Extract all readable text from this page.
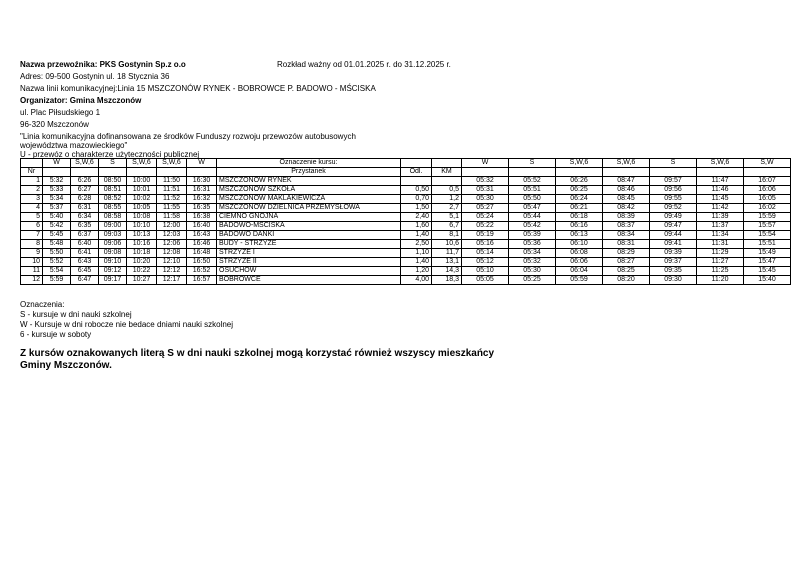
Nazwa przewoźnika: PKS Gostynin Sp.z o.o	Rozkład ważny od 01.01.2025 r. do 31.12.2025 r.
Adres: 09-500 Gostynin ul. 18 Stycznia 36
Nazwa linii komunikacyjnej:Linia 15 MSZCZONÓW RYNEK - BOBROWCE P. BADOWO - MŚCISKA
Organizator: Gmina Mszczonów
ul. Plac Piłsudskiego 1
96-320 Mszczonów
"Linia komunikacyjna dofinansowana ze środków Funduszy rozwoju przewozów autobusowych
województwa mazowieckiego"
U - przewóz o charakterze użyteczności publicznej
	W	S,W,6	S	S,W,6	S,W,6	W	Oznaczenie kursu:			W	S	S,W,6	S,W,6	S	S,W,6	S,W
Nr							Przystanek	Odl.	KM							
1	5:32	6:26	08:50	10:00	11:50	16:30	MSZCZONÓW RYNEK			05:32	05:52	06:26	08:47	09:57	11:47	16:07
2	5:33	6:27	08:51	10:01	11:51	16:31	MSZCZONÓW SZKOŁA	0,50	0,5	05:31	05:51	06:25	08:46	09:56	11:46	16:06
3	5:34	6:28	08:52	10:02	11:52	16:32	MSZCZONÓW MAKLAKIEWICZA	0,70	1,2	05:30	05:50	06:24	08:45	09:55	11:45	16:05
4	5:37	6:31	08:55	10:05	11:55	16:35	MSZCZONÓW DZIELNICA PRZEMYSŁOWA	1,50	2,7	05:27	05:47	06:21	08:42	09:52	11:42	16:02
5	5:40	6:34	08:58	10:08	11:58	16:38	CIEMNO GNOJNA	2,40	5,1	05:24	05:44	06:18	08:39	09:49	11:39	15:59
6	5:42	6:35	09:00	10:10	12:00	16:40	BADOWO-MŚCISKA	1,60	6,7	05:22	05:42	06:16	08:37	09:47	11:37	15:57
7	5:45	6:37	09:03	10:13	12:03	16:43	BADOWO DAŃKI	1,40	8,1	05:19	05:39	06:13	08:34	09:44	11:34	15:54
8	5:48	6:40	09:06	10:16	12:06	16:46	BUDY - STRZYŻE	2,50	10,6	05:16	05:36	06:10	08:31	09:41	11:31	15:51
9	5:50	6:41	09:08	10:18	12:08	16:48	STRZYŻE I	1,10	11,7	05:14	05:34	06:08	08:29	09:39	11:29	15:49
10	5:52	6:43	09:10	10:20	12:10	16:50	STRZYŻE II	1,40	13,1	05:12	05:32	06:06	08:27	09:37	11:27	15:47
11	5:54	6:45	09:12	10:22	12:12	16:52	OSUCHÓW	1,20	14,3	05:10	05:30	06:04	08:25	09:35	11:25	15:45
12	5:59	6:47	09:17	10:27	12:17	16:57	BOBROWCE	4,00	18,3	05:05	05:25	05:59	08:20	09:30	11:20	15:40
Oznaczenia:
S - kursuje w dni nauki szkolnej
W - Kursuje w dni robocze nie bedace dniami nauki szkolnej
6 - kursuje w soboty
Z kursów oznakowanych literą S w dni nauki szkolnej mogą korzystać również wszyscy mieszkańcy
Gminy Mszczonów.
